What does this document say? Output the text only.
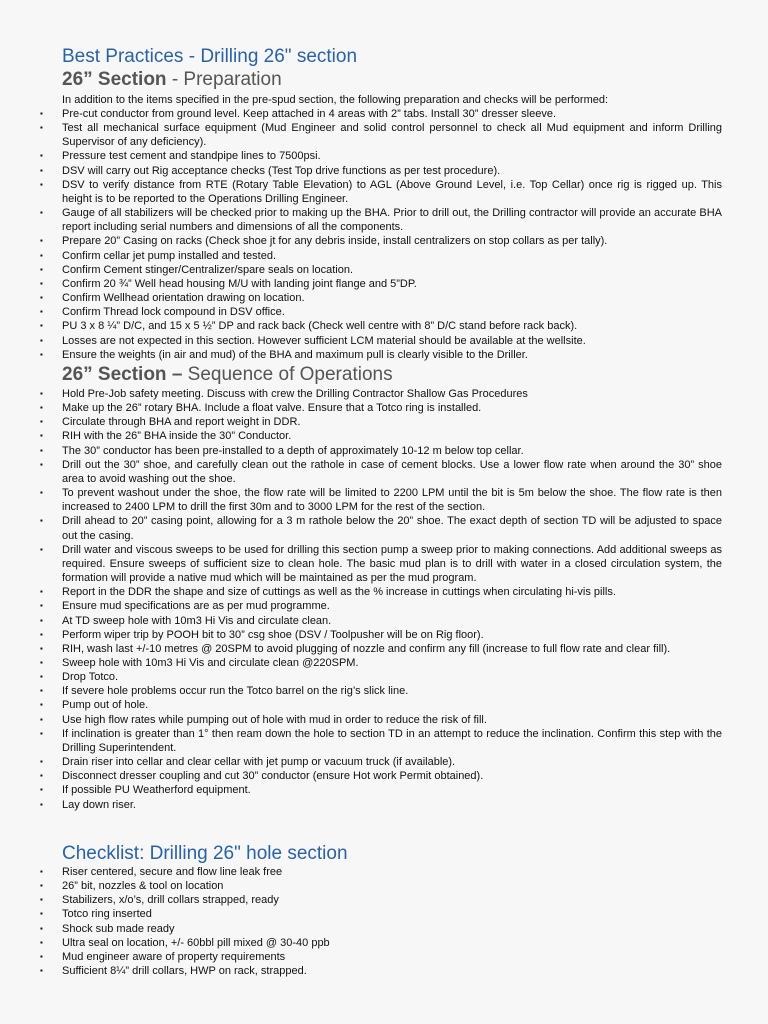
Best Practices - Drilling 26" section
26” Section - Preparation
In addition to the items specified in the pre-spud section, the following preparation and checks will be performed:
▪ Pre-cut conductor from ground level. Keep attached in 4 areas with 2” tabs. Install 30” dresser sleeve.
▪ Test all mechanical surface equipment (Mud Engineer and solid control personnel to check all Mud equipment and inform Drilling Supervisor of any deficiency).
▪ Pressure test cement and standpipe lines to 7500psi.
▪ DSV will carry out Rig acceptance checks (Test Top drive functions as per test procedure).
▪ DSV to verify distance from RTE (Rotary Table Elevation) to AGL (Above Ground Level, i.e. Top Cellar) once rig is rigged up. This height is to be reported to the Operations Drilling Engineer.
▪ Gauge of all stabilizers will be checked prior to making up the BHA. Prior to drill out, the Drilling contractor will provide an accurate BHA report including serial numbers and dimensions of all the components.
▪ Prepare 20” Casing on racks (Check shoe jt for any debris inside, install centralizers on stop collars as per tally).
▪ Confirm cellar jet pump installed and tested.
▪ Confirm Cement stinger/Centralizer/spare seals on location.
▪ Confirm 20 ¾” Well head housing M/U with landing joint flange and 5”DP.
▪ Confirm Wellhead orientation drawing on location.
▪ Confirm Thread lock compound in DSV office.
▪ PU 3 x 8 ¼” D/C, and 15 x 5 ½” DP and rack back (Check well centre with 8” D/C stand before rack back).
▪ Losses are not expected in this section. However sufficient LCM material should be available at the wellsite.
▪ Ensure the weights (in air and mud) of the BHA and maximum pull is clearly visible to the Driller.
26” Section – Sequence of Operations
▪ Hold Pre-Job safety meeting. Discuss with crew the Drilling Contractor Shallow Gas Procedures
▪ Make up the 26” rotary BHA. Include a float valve. Ensure that a Totco ring is installed.
▪ Circulate through BHA and report weight in DDR.
▪ RIH with the 26” BHA inside the 30” Conductor.
▪ The 30” conductor has been pre-installed to a depth of approximately 10-12 m below top cellar.
▪ Drill out the 30” shoe, and carefully clean out the rathole in case of cement blocks. Use a lower flow rate when around the 30” shoe area to avoid washing out the shoe.
▪ To prevent washout under the shoe, the flow rate will be limited to 2200 LPM until the bit is 5m below the shoe. The flow rate is then increased to 2400 LPM to drill the first 30m and to 3000 LPM for the rest of the section.
▪ Drill ahead to 20” casing point, allowing for a 3 m rathole below the 20” shoe. The exact depth of section TD will be adjusted to space out the casing.
▪ Drill water and viscous sweeps to be used for drilling this section pump a sweep prior to making connections. Add additional sweeps as required. Ensure sweeps of sufficient size to clean hole. The basic mud plan is to drill with water in a closed circulation system, the formation will provide a native mud which will be maintained as per the mud program.
▪ Report in the DDR the shape and size of cuttings as well as the % increase in cuttings when circulating hi-vis pills.
▪ Ensure mud specifications are as per mud programme.
▪ At TD sweep hole with 10m3 Hi Vis and circulate clean.
▪ Perform wiper trip by POOH bit to 30” csg shoe (DSV / Toolpusher will be on Rig floor).
▪ RIH, wash last +/-10 metres @ 20SPM to avoid plugging of nozzle and confirm any fill (increase to full flow rate and clear fill).
▪ Sweep hole with 10m3 Hi Vis and circulate clean @220SPM.
▪ Drop Totco.
▪ If severe hole problems occur run the Totco barrel on the rig’s slick line.
▪ Pump out of hole.
▪ Use high flow rates while pumping out of hole with mud in order to reduce the risk of fill.
▪ If inclination is greater than 1° then ream down the hole to section TD in an attempt to reduce the inclination. Confirm this step with the Drilling Superintendent.
▪ Drain riser into cellar and clear cellar with jet pump or vacuum truck (if available).
▪ Disconnect dresser coupling and cut 30” conductor (ensure Hot work Permit obtained).
▪ If possible PU Weatherford equipment.
▪ Lay down riser.
Checklist: Drilling 26" hole section
▪ Riser centered, secure and flow line leak free
▪ 26” bit, nozzles & tool on location
▪ Stabilizers, x/o’s, drill collars strapped, ready
▪ Totco ring inserted
▪ Shock sub made ready
▪ Ultra seal on location, +/- 60bbl pill mixed @ 30-40 ppb
▪ Mud engineer aware of property requirements
▪ Sufficient 8¼” drill collars, HWP on rack, strapped.
